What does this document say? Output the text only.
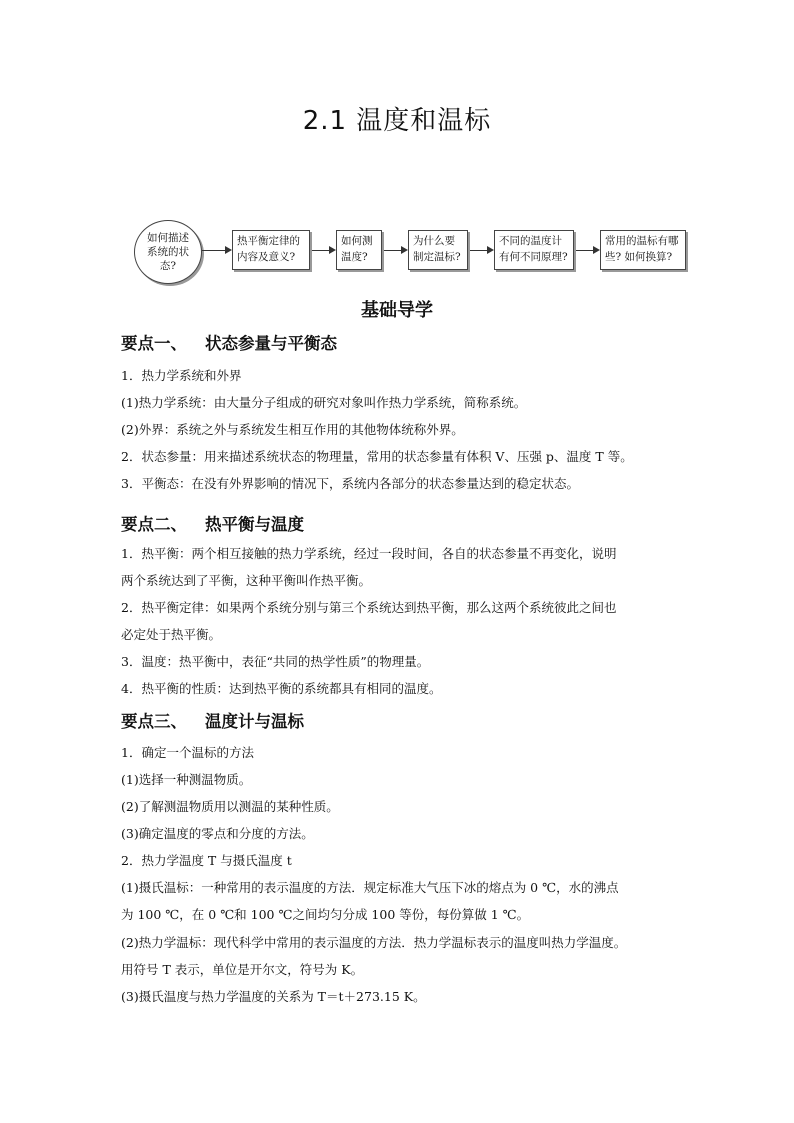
2.1 温度和温标
如何描述系统的状态?
热平衡定律的内容及意义?
如何测温度?
为什么要制定温标?
不同的温度计有何不同原理?
常用的温标有哪些? 如何换算?
基础导学
要点一、 状态参量与平衡态
1．热力学系统和外界
(1)热力学系统：由大量分子组成的研究对象叫作热力学系统，简称系统。
(2)外界：系统之外与系统发生相互作用的其他物体统称外界。
2．状态参量：用来描述系统状态的物理量，常用的状态参量有体积 V、压强 p、温度 T 等。
3．平衡态：在没有外界影响的情况下，系统内各部分的状态参量达到的稳定状态。
要点二、 热平衡与温度
1．热平衡：两个相互接触的热力学系统，经过一段时间，各自的状态参量不再变化，说明
两个系统达到了平衡，这种平衡叫作热平衡。
2．热平衡定律：如果两个系统分别与第三个系统达到热平衡，那么这两个系统彼此之间也
必定处于热平衡。
3．温度：热平衡中，表征“共同的热学性质”的物理量。
4．热平衡的性质：达到热平衡的系统都具有相同的温度。
要点三、 温度计与温标
1．确定一个温标的方法
(1)选择一种测温物质。
(2)了解测温物质用以测温的某种性质。
(3)确定温度的零点和分度的方法。
2．热力学温度 T 与摄氏温度 t
(1)摄氏温标：一种常用的表示温度的方法．规定标准大气压下冰的熔点为 0 ℃，水的沸点
为 100 ℃，在 0 ℃和 100 ℃之间均匀分成 100 等份，每份算做 1 ℃。
(2)热力学温标：现代科学中常用的表示温度的方法．热力学温标表示的温度叫热力学温度。
用符号 T 表示，单位是开尔文，符号为 K。
(3)摄氏温度与热力学温度的关系为 T＝t＋273.15 K。
